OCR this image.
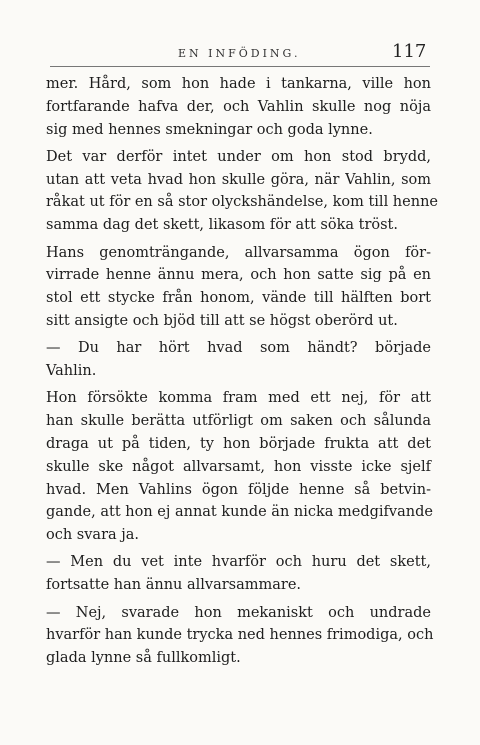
EN INFÖDING.	117
mer. Hård, som hon hade i tankarna, ville hon
fortfarande hafva der, och Vahlin skulle nog nöja
sig med hennes smekningar och goda lynne.
Det var derför intet under om hon stod brydd,
utan att veta hvad hon skulle göra, när Vahlin, som
råkat ut för en så stor olyckshändelse, kom till henne
samma dag det skett, likasom för att söka tröst.
Hans genomträngande, allvarsamma ögon för-
virrade henne ännu mera, och hon satte sig på en
stol ett stycke från honom, vände till hälften bort
sitt ansigte och bjöd till att se högst oberörd ut.
— Du har hört hvad som händt? började
Vahlin.
Hon försökte komma fram med ett nej, för att
han skulle berätta utförligt om saken och sålunda
draga ut på tiden, ty hon började frukta att det
skulle ske något allvarsamt, hon visste icke sjelf
hvad. Men Vahlins ögon följde henne så betvin-
gande, att hon ej annat kunde än nicka medgifvande
och svara ja.
— Men du vet inte hvarför och huru det skett,
fortsatte han ännu allvarsammare.
— Nej, svarade hon mekaniskt och undrade
hvarför han kunde trycka ned hennes frimodiga, och
glada lynne så fullkomligt.
